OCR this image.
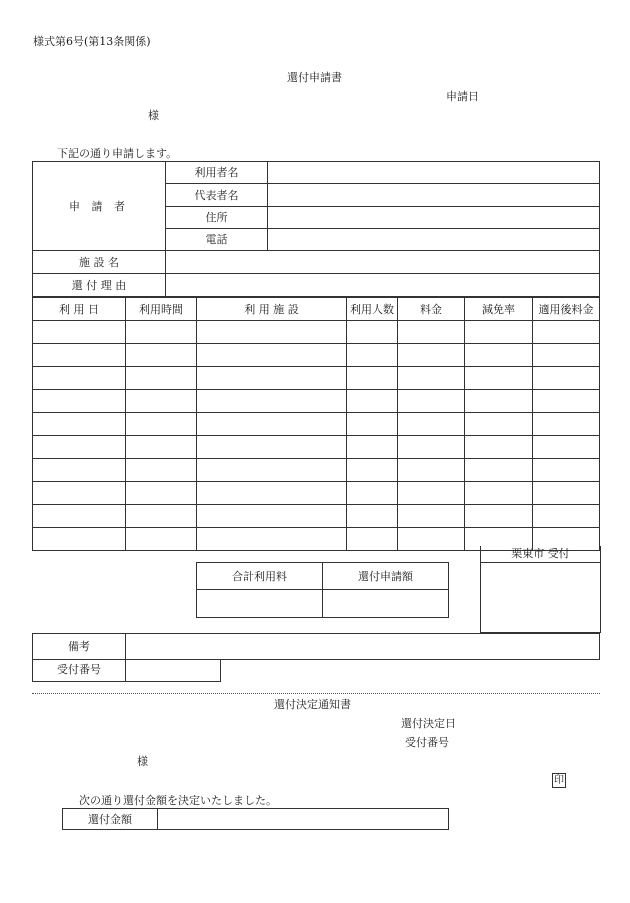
様式第6号(第13条関係)
還付申請書
申請日
様
下記の通り申請します。
申 請 者	利用者名	
	代表者名	
	住所	
	電話	
施 設 名		
還 付 理 由		
利 用 日	利用時間	利 用 施 設	利用人数	料金	減免率	適用後料金

栗東市 受付
合計利用料	還付申請額

備考	
受付番号	
還付決定通知書
還付決定日
受付番号
様
印
次の通り還付金額を決定いたしました。
還付金額	
